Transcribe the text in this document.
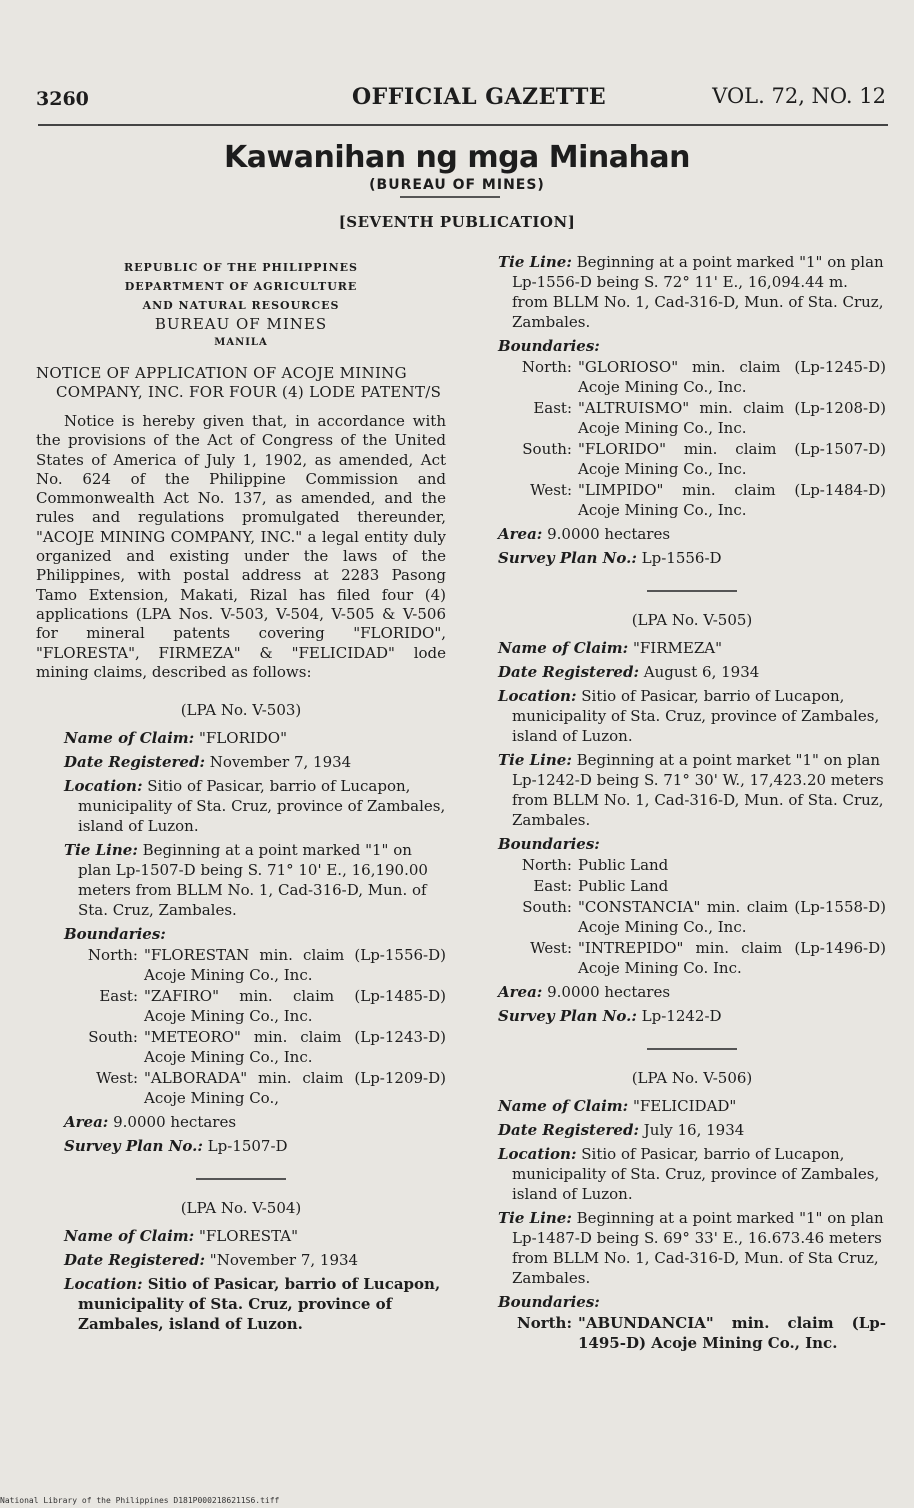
3260	OFFICIAL GAZETTE	VOL. 72, NO. 12
Kawanihan ng mga Minahan
(BUREAU OF MINES)
[SEVENTH PUBLICATION]
REPUBLIC OF THE PHILIPPINES
DEPARTMENT OF AGRICULTURE
AND NATURAL RESOURCES
BUREAU OF MINES
MANILA
NOTICE OF APPLICATION OF ACOJE MINING COMPANY, INC. FOR FOUR (4) LODE PATENT/S
Notice is hereby given that, in accordance with the provisions of the Act of Congress of the United States of America of July 1, 1902, as amended, Act No. 624 of the Philippine Commission and Commonwealth Act No. 137, as amended, and the rules and regulations promulgated thereunder, "ACOJE MINING COMPANY, INC." a legal entity duly organized and existing under the laws of the Philippines, with postal address at 2283 Pasong Tamo Extension, Makati, Rizal has filed four (4) applications (LPA Nos. V-503, V-504, V-505 & V-506 for mineral patents covering "FLORIDO", "FLORESTA", FIRMEZA" & "FELICIDAD" lode mining claims, described as follows:
(LPA No. V-503)
Name of Claim: "FLORIDO"
Date Registered: November 7, 1934
Location: Sitio of Pasicar, barrio of Lucapon, municipality of Sta. Cruz, province of Zambales, island of Luzon.
Tie Line: Beginning at a point marked "1" on plan Lp-1507-D being S. 71° 10' E., 16,190.00 meters from BLLM No. 1, Cad-316-D, Mun. of Sta. Cruz, Zambales.
Boundaries:
North: "FLORESTAN min. claim (Lp-1556-D) Acoje Mining Co., Inc.
East: "ZAFIRO" min. claim (Lp-1485-D) Acoje Mining Co., Inc.
South: "METEORO" min. claim (Lp-1243-D) Acoje Mining Co., Inc.
West: "ALBORADA" min. claim (Lp-1209-D) Acoje Mining Co.,
Area: 9.0000 hectares
Survey Plan No.: Lp-1507-D
(LPA No. V-504)
Name of Claim: "FLORESTA"
Date Registered: "November 7, 1934
Location: Sitio of Pasicar, barrio of Lucapon, municipality of Sta. Cruz, province of Zambales, island of Luzon.
Tie Line: Beginning at a point marked "1" on plan Lp-1556-D being S. 72° 11' E., 16,094.44 m. from BLLM No. 1, Cad-316-D, Mun. of Sta. Cruz, Zambales.
Boundaries:
North: "GLORIOSO" min. claim (Lp-1245-D) Acoje Mining Co., Inc.
East: "ALTRUISMO" min. claim (Lp-1208-D) Acoje Mining Co., Inc.
South: "FLORIDO" min. claim (Lp-1507-D) Acoje Mining Co., Inc.
West: "LIMPIDO" min. claim (Lp-1484-D) Acoje Mining Co., Inc.
Area: 9.0000 hectares
Survey Plan No.: Lp-1556-D
(LPA No. V-505)
Name of Claim: "FIRMEZA"
Date Registered: August 6, 1934
Location: Sitio of Pasicar, barrio of Lucapon, municipality of Sta. Cruz, province of Zambales, island of Luzon.
Tie Line: Beginning at a point market "1" on plan Lp-1242-D being S. 71° 30' W., 17,423.20 meters from BLLM No. 1, Cad-316-D, Mun. of Sta. Cruz, Zambales.
Boundaries:
North: Public Land
East: Public Land
South: "CONSTANCIA" min. claim (Lp-1558-D) Acoje Mining Co., Inc.
West: "INTREPIDO" min. claim (Lp-1496-D) Acoje Mining Co. Inc.
Area: 9.0000 hectares
Survey Plan No.: Lp-1242-D
(LPA No. V-506)
Name of Claim: "FELICIDAD"
Date Registered: July 16, 1934
Location: Sitio of Pasicar, barrio of Lucapon, municipality of Sta. Cruz, province of Zambales, island of Luzon.
Tie Line: Beginning at a point marked "1" on plan Lp-1487-D being S. 69° 33' E., 16.673.46 meters from BLLM No. 1, Cad-316-D, Mun. of Sta Cruz, Zambales.
Boundaries:
North: "ABUNDANCIA" min. claim (Lp-1495-D) Acoje Mining Co., Inc.
National Library of the Philippines D181P0002186211S6.tiff
